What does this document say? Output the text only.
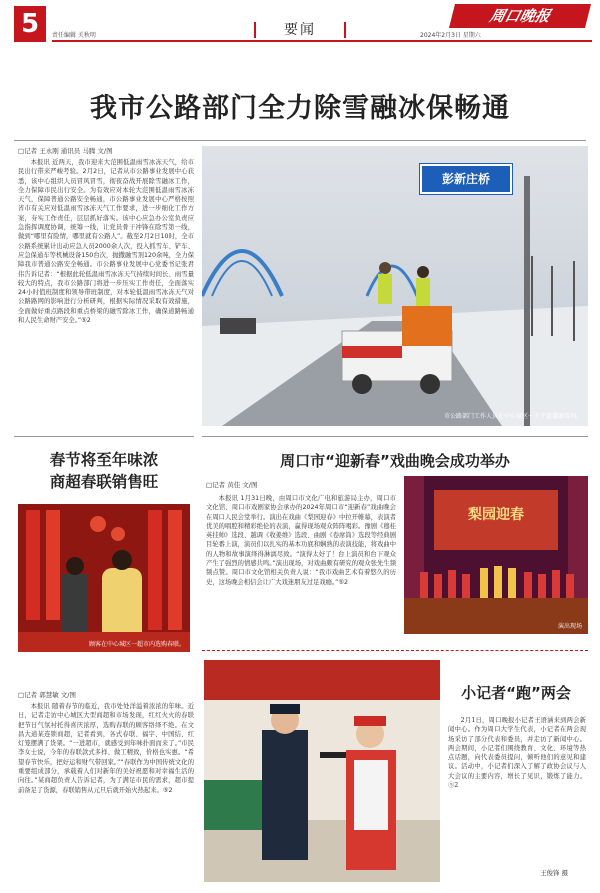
5	责任编辑 关秋明	要闻
周口晚报
2024年2月3日 星期六
我市公路部门全力除雪融冰保畅通
□记者 王永刚 通讯员 马腾 文/图
本报讯 近两天，我市迎来大范围低温雨雪冰冻天气，给市民出行带来严峻考验。2月2日，记者从市公路事业发展中心获悉，该中心组织人员冒风冒雪，彻夜奋战开展除雪融冰工作，全力保障市民出行安全。为有效应对本轮大范围低温雨雪冰冻天气，保障普通公路安全畅通，市公路事业发展中心严格按照省市有关应对低温雨雪冰冻天气工作要求，进一步细化工作方案，夯实工作责任，层层抓好落实。该中心应急办公室负责应急指挥调度协调，统筹一线，让党员骨干冲锋在除雪第一线，做到“哪里有险情，哪里就有公路人”。截至2月2日10时，全市公路系统累计出动应急人员2000余人次，投入抓雪车、铲车、应急保通车等机械设备150台次，抛撒融雪剂120余吨，全力保障我市普通公路安全畅通。市公路事业发展中心党委书记张君伟告诉记者：“根据此轮低温雨雪冰冻天气持续时间长、雨雪量较大的特点，我市公路部门将进一步压实工作责任，全面落实24小时值班制度和领导带班制度，对本轮低温雨雪冰冻天气对公路路网的影响进行分析研判，根据实际情况采取有效措施，全面做好重点路段和重点桥梁的融雪除冰工作，确保道路畅通和人民生命财产安全。”⑤2
彭新庄桥
市公路部门工作人员在中心城区一主干道撒融雪剂。
春节将至年味浓
商超春联销售旺
顾客在中心城区一超市内选购春联。
□记者 郭慧敏 文/图
本报讯 随着春节的临近，我市处处洋溢着浓浓的年味。近日，记者走访中心城区大型商超和市场发现，红红火火的春联把节日气氛衬托得喜庆浓厚，选购春联的顾客络绎不绝。在文昌大道某连锁商超，记者看到，各式春联、福字、中国结、红灯笼摆满了货架。“一进超市，就感受到年味扑面而来了。”市民李女士说，今年的春联款式多样、做工精致，价格也实惠。“希望春节快乐，把好运和财气带回家。”“春联作为中国传统文化的重要组成部分，承载着人们对新年的美好祝愿和对幸福生活的向往。”某商超负责人告诉记者，为了满足市民的需求，超市提前备足了货源，春联销售从元旦后就开始火热起来。⑤2
周口市“迎新春”戏曲晚会成功举办
□记者 黄佳 文/图
本报讯 1月31日晚，由周口市文化广电和旅游局主办，周口市文化馆、周口市戏剧家协会承办的2024年周口市“迎新春”戏曲晚会在周口人民会堂举行。演出在戏曲《梨园迎春》中拉开帷幕，表演者优美的唱腔和精彩绝伦的表演，赢得现场观众阵阵喝彩。豫剧《穆桂英挂帅》选段、越调《收姜维》选段、曲剧《卷席筒》选段等经典剧目轮番上演，演员们以扎实的基本功底和娴熟的表演技能，将戏曲中的人物和故事演绎得淋漓尽致。“演得太好了！台上演员和台下观众产生了强烈的情感共鸣。”演出现场，对戏曲颇有研究的观众张先生频频点赞。周口市文化馆相关负责人说：“我市戏曲艺术有着悠久的历史，这场晚会相信会让广大戏迷朋友过足戏瘾。”⑤2
梨园迎春
演出现场
小记者“跑”两会
2月1日，周口晚报小记者王语涵来到两会新闻中心。作为周口大学生代表，小记者在两会现场采访了部分代表和委员，并走访了新闻中心。两会期间，小记者们围绕教育、文化、环境等热点话题，向代表委员提问，倾听他们的意见和建议。活动中，小记者们深入了解了政协会议与人大会议的主要内容，增长了见识，锻炼了能力。⑤2
王俊锋 摄
